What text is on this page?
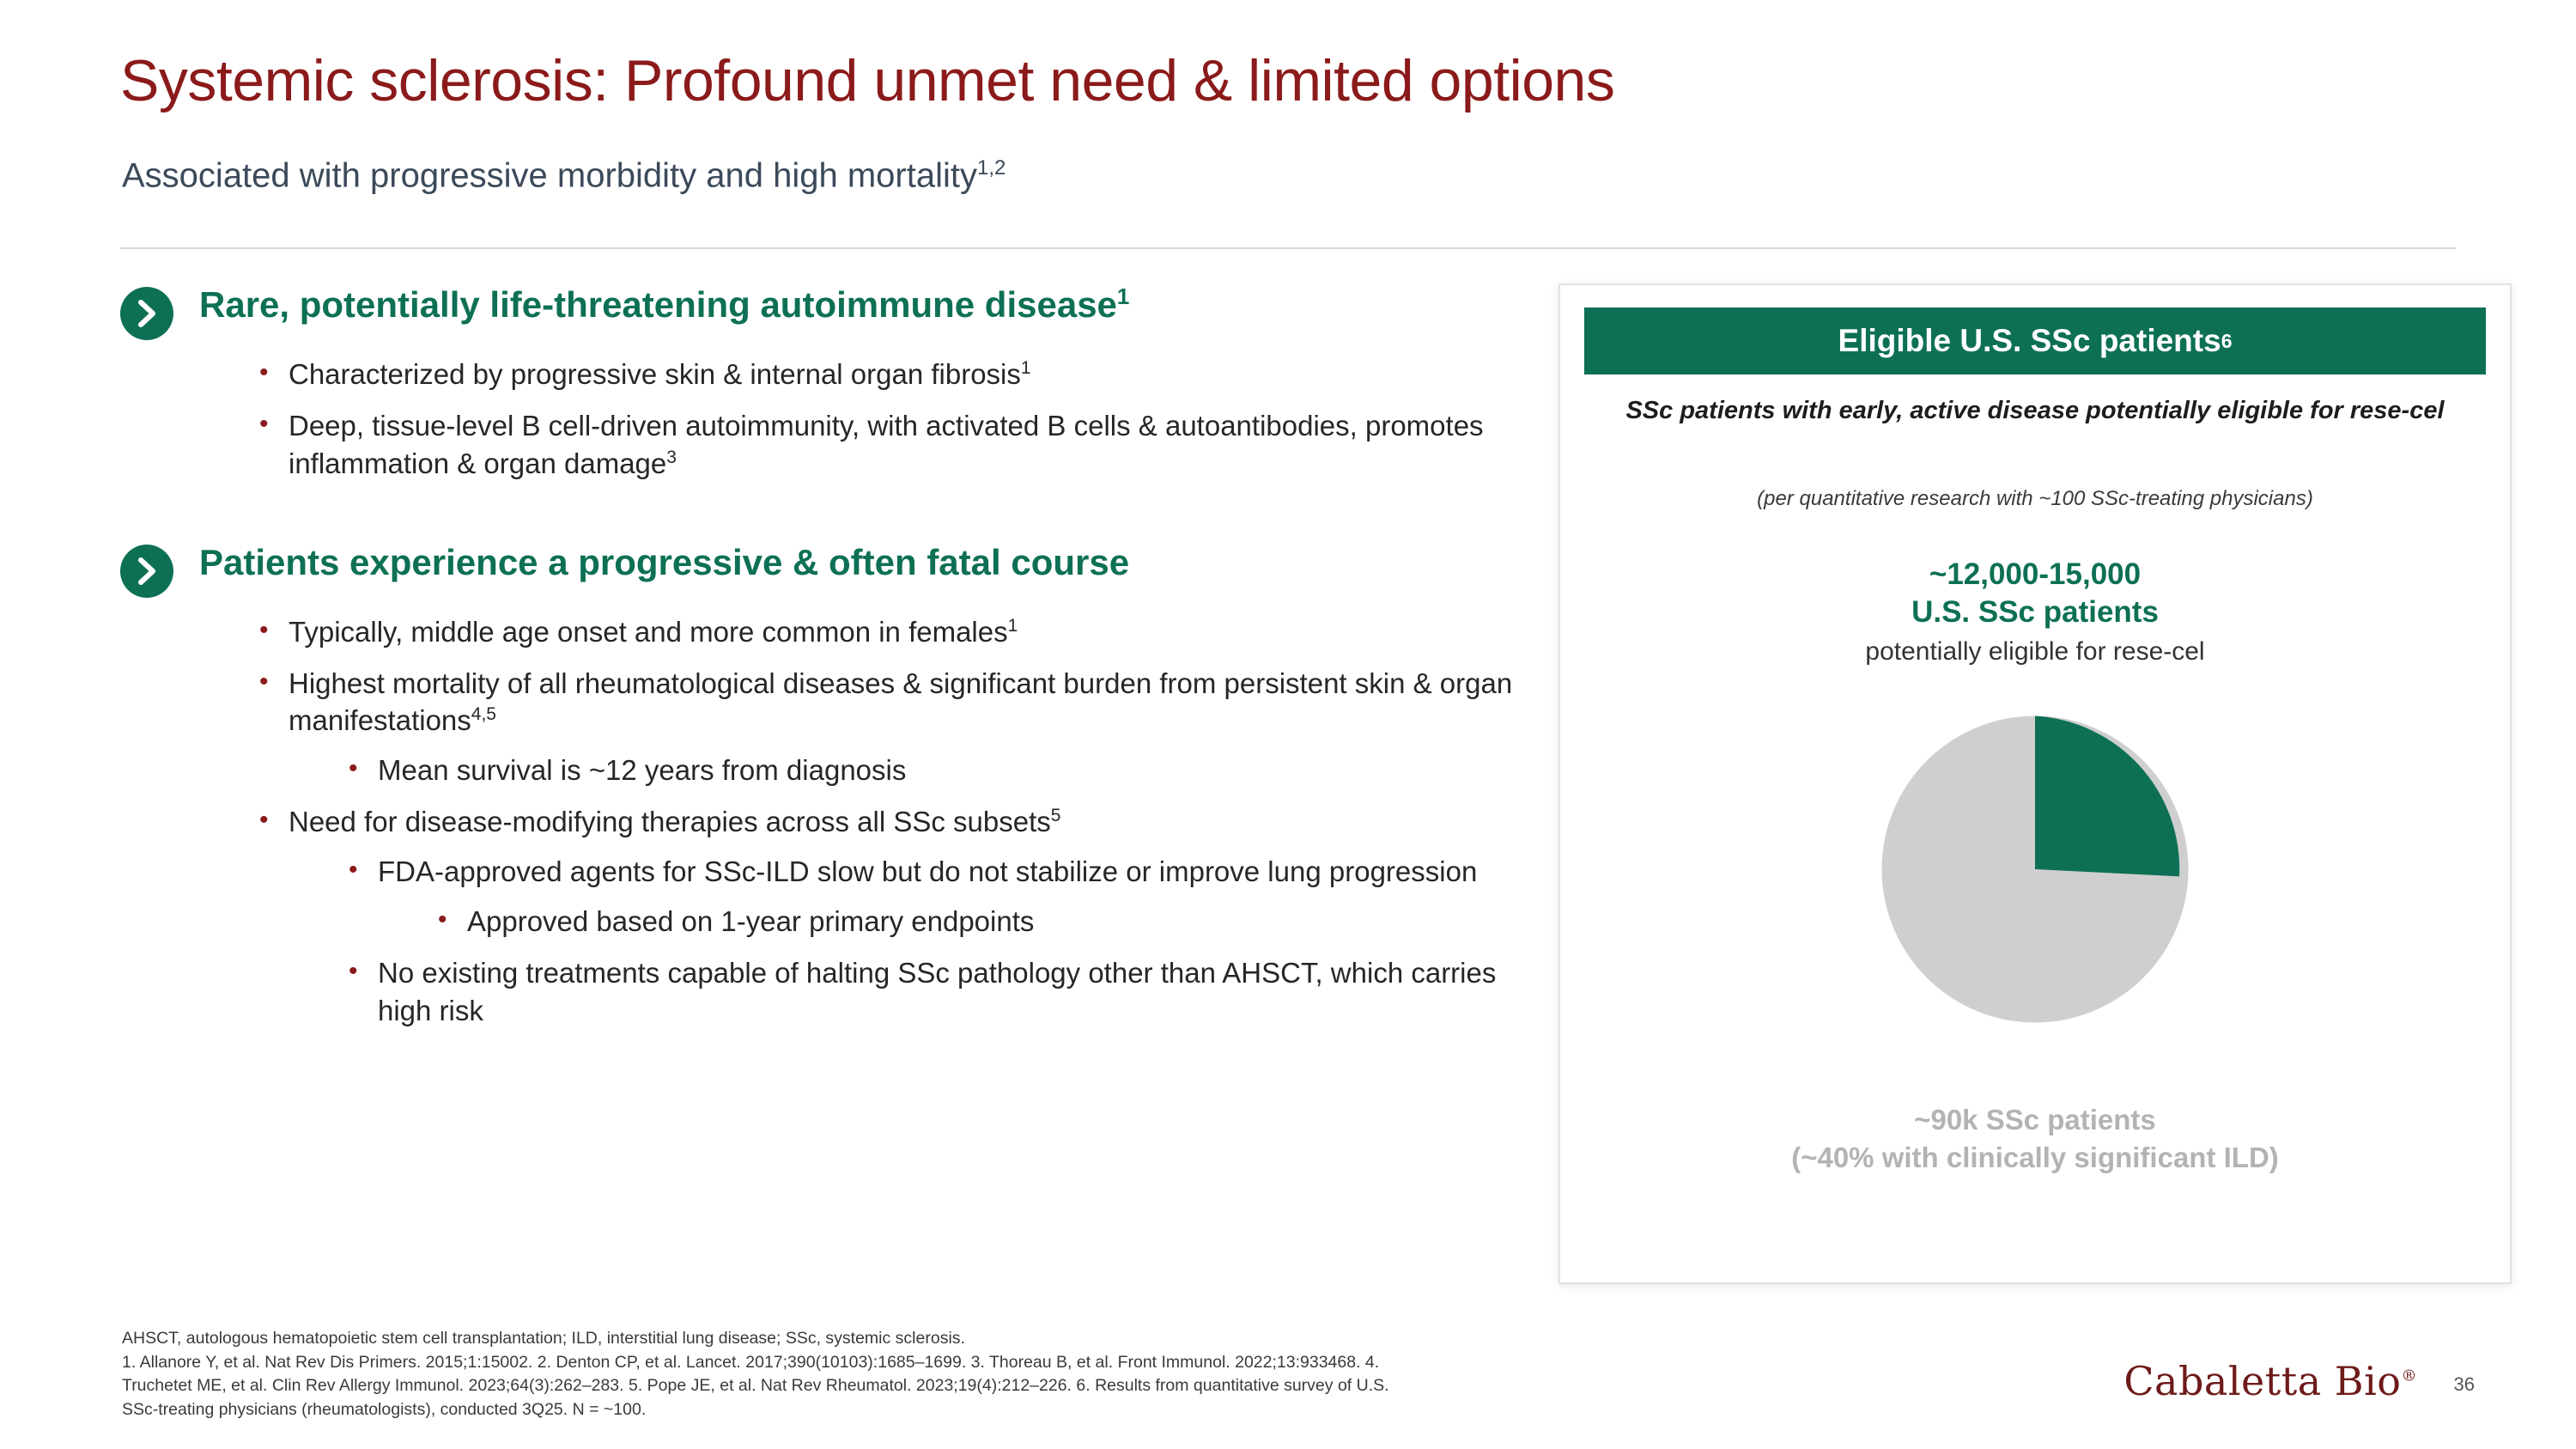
Systemic sclerosis: Profound unmet need & limited options
Associated with progressive morbidity and high mortality$^{1,2}$
Rare, potentially life-threatening autoimmune disease$^1$
• Characterized by progressive skin & internal organ fibrosis$^1$
• Deep, tissue-level B cell-driven autoimmunity, with activated B cells & autoantibodies, promotes inflammation & organ damage$^3$
Patients experience a progressive & often fatal course
• Typically, middle age onset and more common in females$^1$
• Highest mortality of all rheumatological diseases & significant burden from persistent skin & organ manifestations$^{4,5}$
• Mean survival is ~12 years from diagnosis
• Need for disease-modifying therapies across all SSc subsets$^5$
• FDA-approved agents for SSc-ILD slow but do not stabilize or improve lung progression
• Approved based on 1-year primary endpoints
• No existing treatments capable of halting SSc pathology other than AHSCT, which carries high risk
Eligible U.S. SSc patients 6
SSc patients with early, active disease potentially eligible for rese-cel
(per quantitative research with ~100 SSc-treating physicians)
~12,000-15,000
U.S. SSc patients
potentially eligible for rese-cel
~90k SSc patients
(~40% with clinically significant ILD)
AHSCT, autologous hematopoietic stem cell transplantation; ILD, interstitial lung disease; SSc, systemic sclerosis.
1. Allanore Y, et al. Nat Rev Dis Primers. 2015;1:15002. 2. Denton CP, et al. Lancet. 2017;390(10103):1685–1699. 3. Thoreau B, et al. Front Immunol. 2022;13:933468. 4.
Truchetet ME, et al. Clin Rev Allergy Immunol. 2023;64(3):262–283. 5. Pope JE, et al. Nat Rev Rheumatol. 2023;19(4):212–226. 6. Results from quantitative survey of U.S.
SSc-treating physicians (rheumatologists), conducted 3Q25. N = ~100.
Cabaletta Bio® 36
